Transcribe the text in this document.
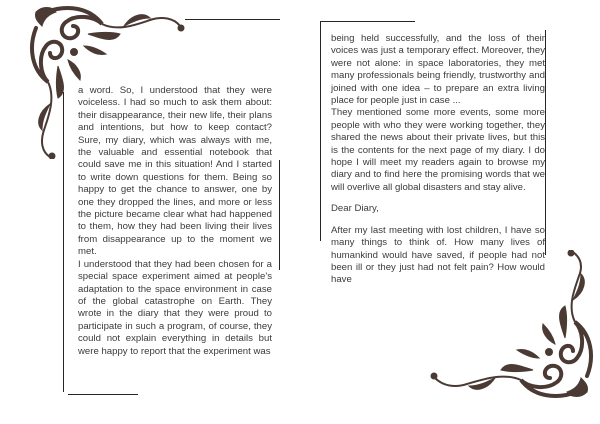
a word. So, I understood that they were voiceless. I had so much to ask them about: their disappearance, their new life, their plans and intentions, but how to keep contact? Sure, my diary, which was always with me, the valuable and essential notebook that could save me in this situation! And I started to write down questions for them. Being so happy to get the chance to answer, one by one they dropped the lines, and more or less the picture became clear what had happened to them, how they had been living their lives from disappearance up to the moment we met.

I understood that they had been chosen for a special space experiment aimed at people's adaptation to the space environment in case of the global catastrophe on Earth. They wrote in the diary that they were proud to participate in such a program, of course, they could not explain everything in details but were happy to report that the experiment was

being held successfully, and the loss of their voices was just a temporary effect. Moreover, they were not alone: in space laboratories, they met many professionals being friendly, trustworthy and joined with one idea – to prepare an extra living place for people just in case ...

They mentioned some more events, some more people with who they were working together, they shared the news about their private lives, but this is the contents for the next page of my diary. I do hope I will meet my readers again to browse my diary and to find here the promising words that we will overlive all global disasters and stay alive.

Dear Diary,

After my last meeting with lost children, I have so many things to think of. How many lives of humankind would have saved, if people had not been ill or they just had not felt pain? How would have
